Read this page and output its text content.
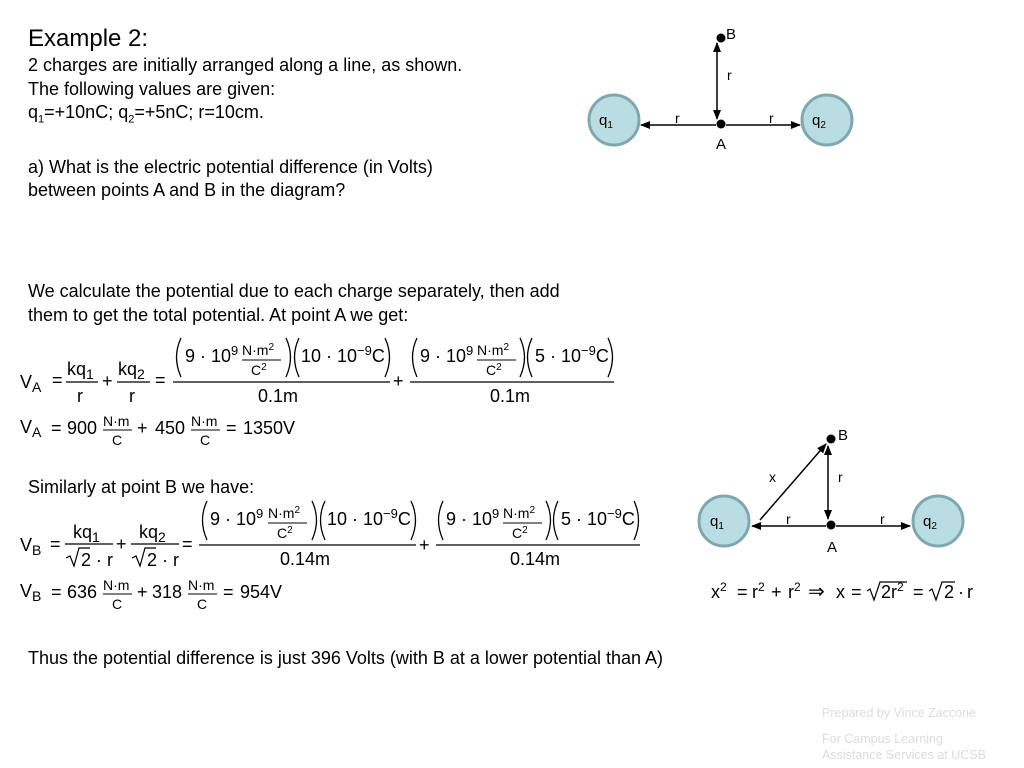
Example 2:
2 charges are initially arranged along a line, as shown.
The following values are given:
$q_1=+10nC$; $q_2=+5nC$; r=10cm.
a) What is the electric potential difference (in Volts)
between points A and B in the diagram?
$q_1$	$q_2$
B
A
r	r
r
We calculate the potential due to each charge separately, then add
them to get the total potential. At point A we get:
$V_A$ =
$kq_1$
r
+
$kq_2$
r
=
$9 \cdot 10^9$ $N\cdot m^2$
$C^2$
$10 \cdot 10^{-9}C$
0.1m
+
$9 \cdot 10^9$ $N\cdot m^2$
$C^2$
$5 \cdot 10^{-9}C$
0.1m
$V_A = 900$ N·m
C
+ 450 N·m
C
= 1350V
Similarly at point B we have:
$V_B$ =
$kq_1$
2 · r
+
$kq_2$
2 · r
=
$9 \cdot 10^9$ $N\cdot m^2$
$C^2$
$10 \cdot 10^{-9}C$
0.14m
+
$9 \cdot 10^9$ $N\cdot m^2$
$C^2$
$5 \cdot 10^{-9}C$
0.14m
$V_B = 636$ N·m
C
+ 318 N·m
C
= 954V
$q_1$	$q_2$
B
A
r	r
r
x
$x^2 = r^2 + r^2$ ⇒ $x = 2r^2 = 2 \cdot r$
Thus the potential difference is just 396 Volts (with B at a lower potential than A)
Prepared by Vince Zaccone
For Campus Learning
Assistance Services at UCSB
